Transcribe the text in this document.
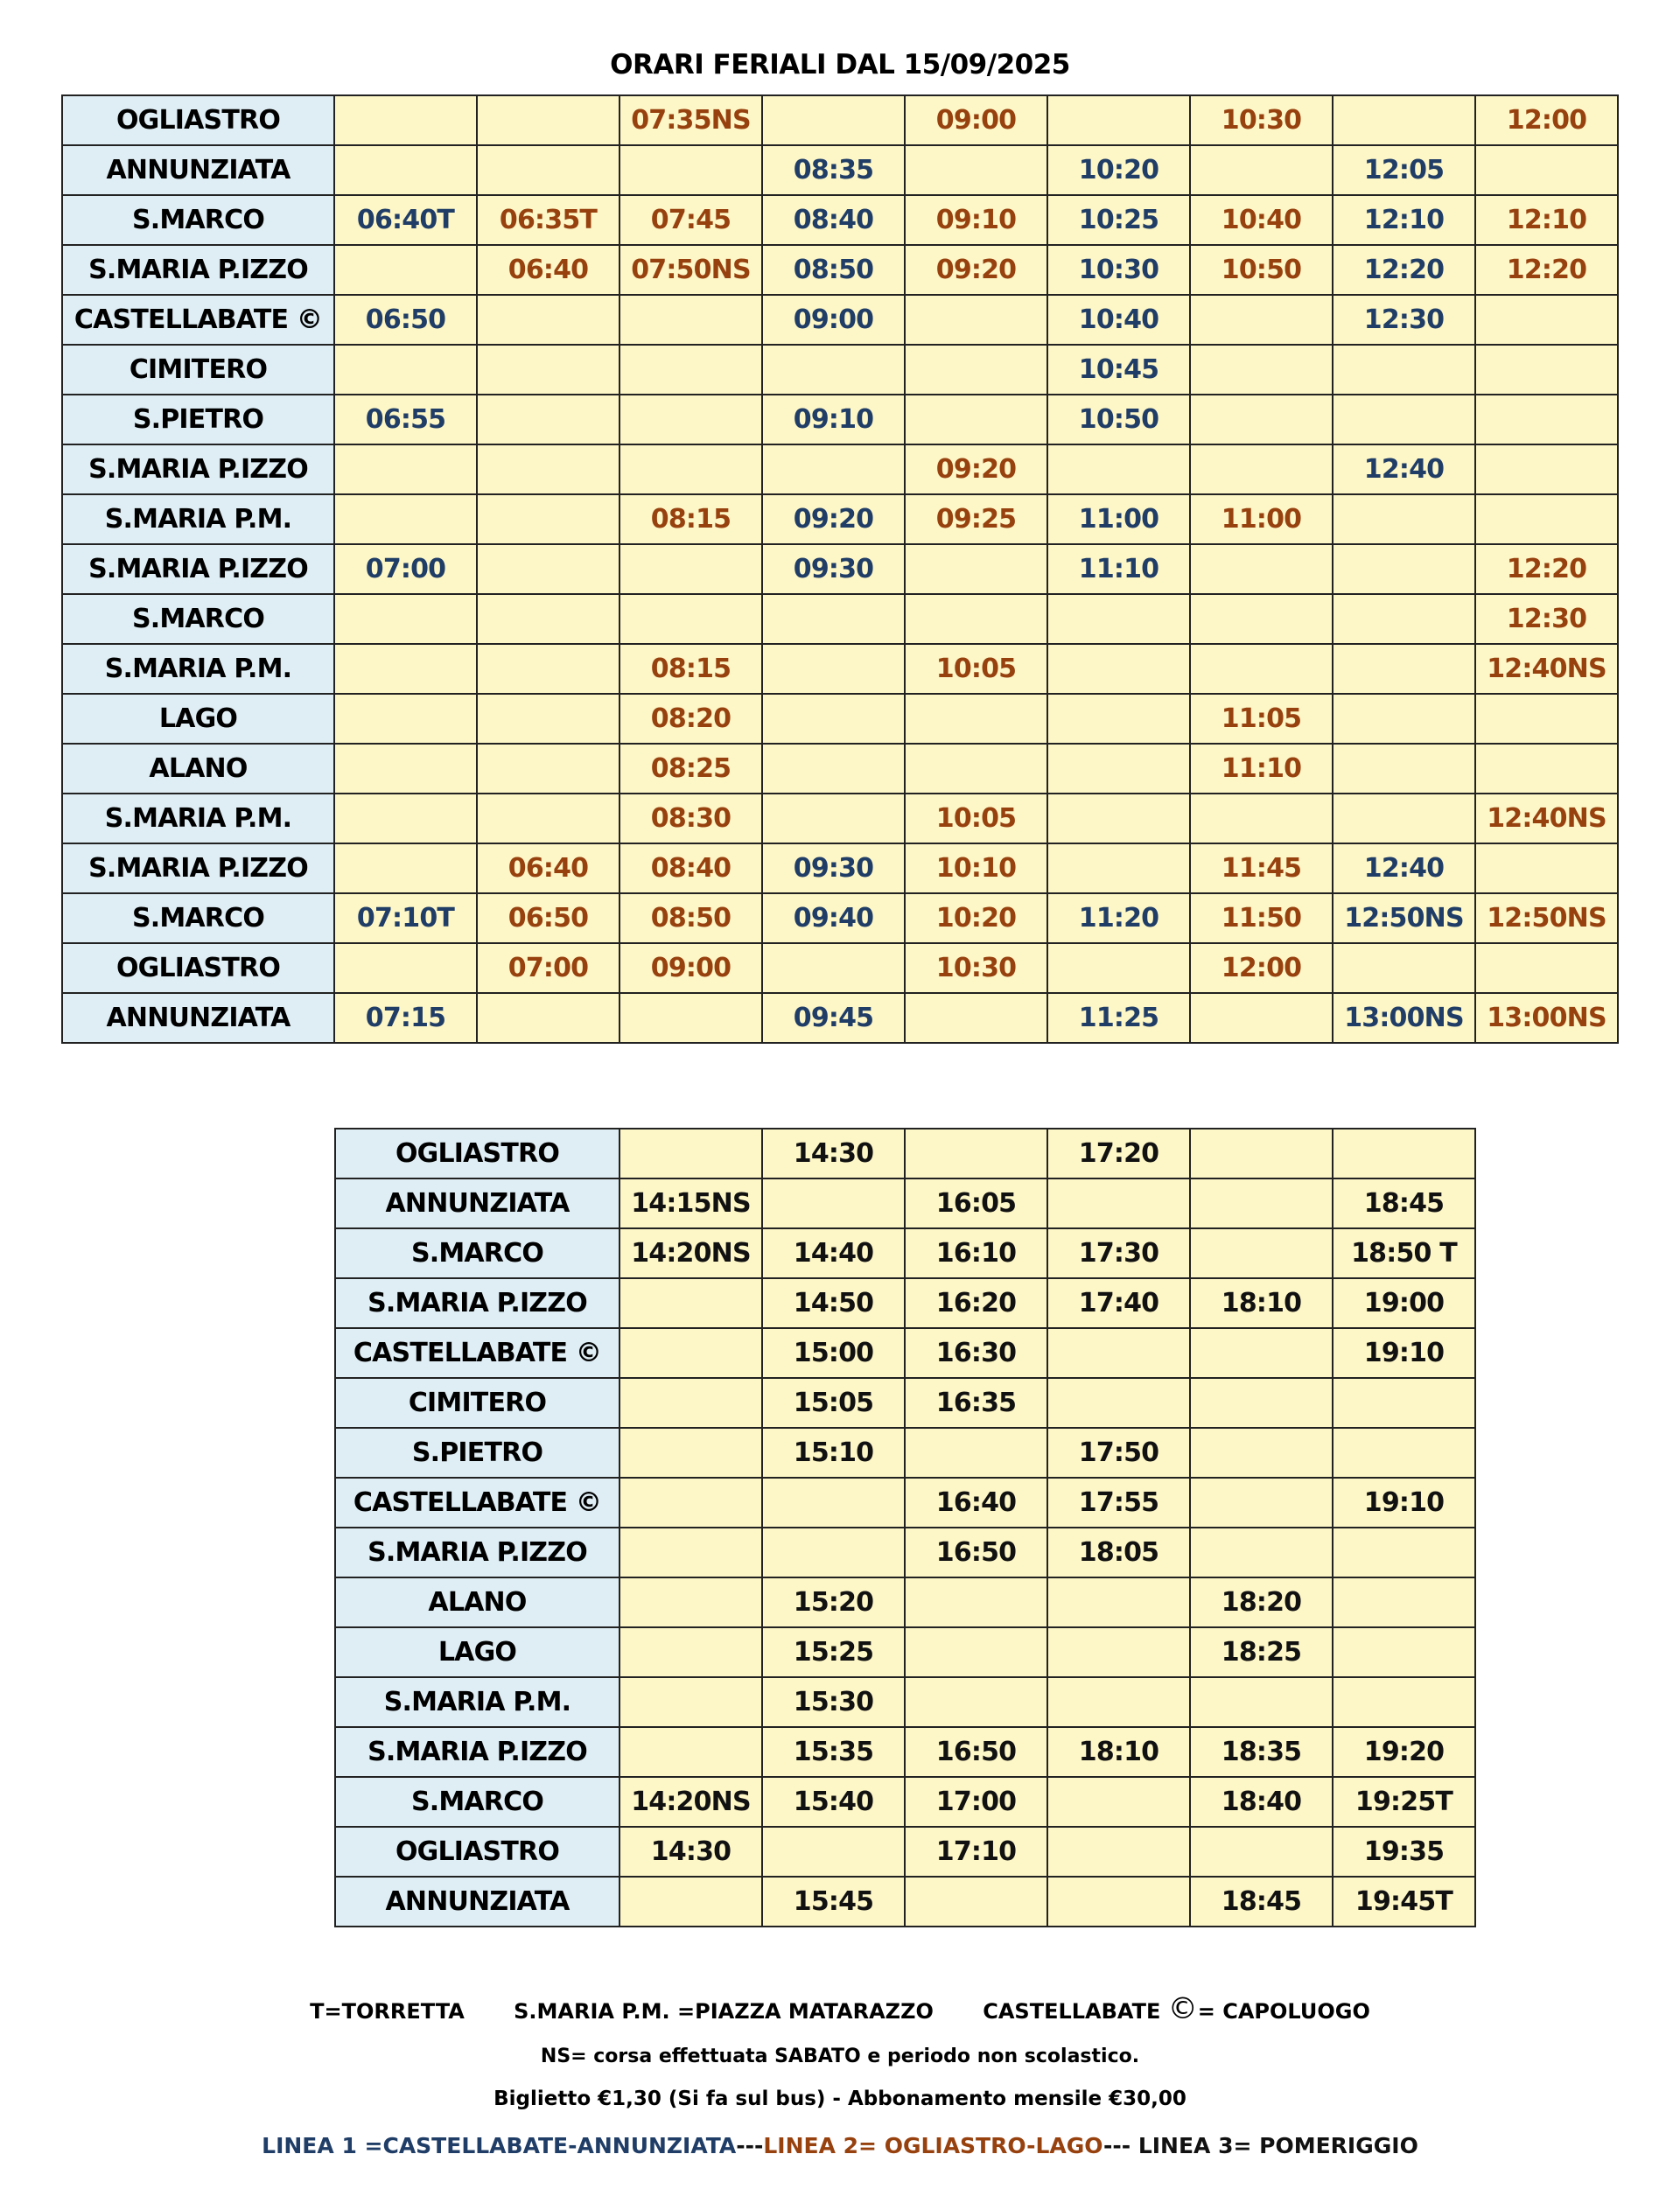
ORARI FERIALI DAL 15/09/2025
OGLIASTRO			07:35NS		09:00		10:30		12:00
ANNUNZIATA				08:35		10:20		12:05	
S.MARCO	06:40T	06:35T	07:45	08:40	09:10	10:25	10:40	12:10	12:10
S.MARIA P.IZZO		06:40	07:50NS	08:50	09:20	10:30	10:50	12:20	12:20
CASTELLABATE ©	06:50			09:00		10:40		12:30	
CIMITERO						10:45			
S.PIETRO	06:55			09:10		10:50			
S.MARIA P.IZZO					09:20			12:40	
S.MARIA P.M.			08:15	09:20	09:25	11:00	11:00		
S.MARIA P.IZZO	07:00			09:30		11:10			12:20
S.MARCO									12:30
S.MARIA P.M.			08:15		10:05				12:40NS
LAGO			08:20				11:05		
ALANO			08:25				11:10		
S.MARIA P.M.			08:30		10:05				12:40NS
S.MARIA P.IZZO		06:40	08:40	09:30	10:10		11:45	12:40	
S.MARCO	07:10T	06:50	08:50	09:40	10:20	11:20	11:50	12:50NS	12:50NS
OGLIASTRO		07:00	09:00		10:30		12:00		
ANNUNZIATA	07:15			09:45		11:25		13:00NS	13:00NS
OGLIASTRO		14:30		17:20		
ANNUNZIATA	14:15NS		16:05			18:45
S.MARCO	14:20NS	14:40	16:10	17:30		18:50 T
S.MARIA P.IZZO		14:50	16:20	17:40	18:10	19:00
CASTELLABATE ©		15:00	16:30			19:10
CIMITERO		15:05	16:35			
S.PIETRO		15:10		17:50		
CASTELLABATE ©			16:40	17:55		19:10
S.MARIA P.IZZO			16:50	18:05		
ALANO		15:20			18:20	
LAGO		15:25			18:25	
S.MARIA P.M.		15:30				
S.MARIA P.IZZO		15:35	16:50	18:10	18:35	19:20
S.MARCO	14:20NS	15:40	17:00		18:40	19:25T
OGLIASTRO	14:30		17:10			19:35
ANNUNZIATA		15:45			18:45	19:45T
T=TORRETTA S.MARIA P.M. =PIAZZA MATARAZZO CASTELLABATE ©= CAPOLUOGO
NS= corsa effettuata SABATO e periodo non scolastico.
Biglietto €1,30 (Si fa sul bus) - Abbonamento mensile €30,00
LINEA 1 =CASTELLABATE-ANNUNZIATA---LINEA 2= OGLIASTRO-LAGO--- LINEA 3= POMERIGGIO
